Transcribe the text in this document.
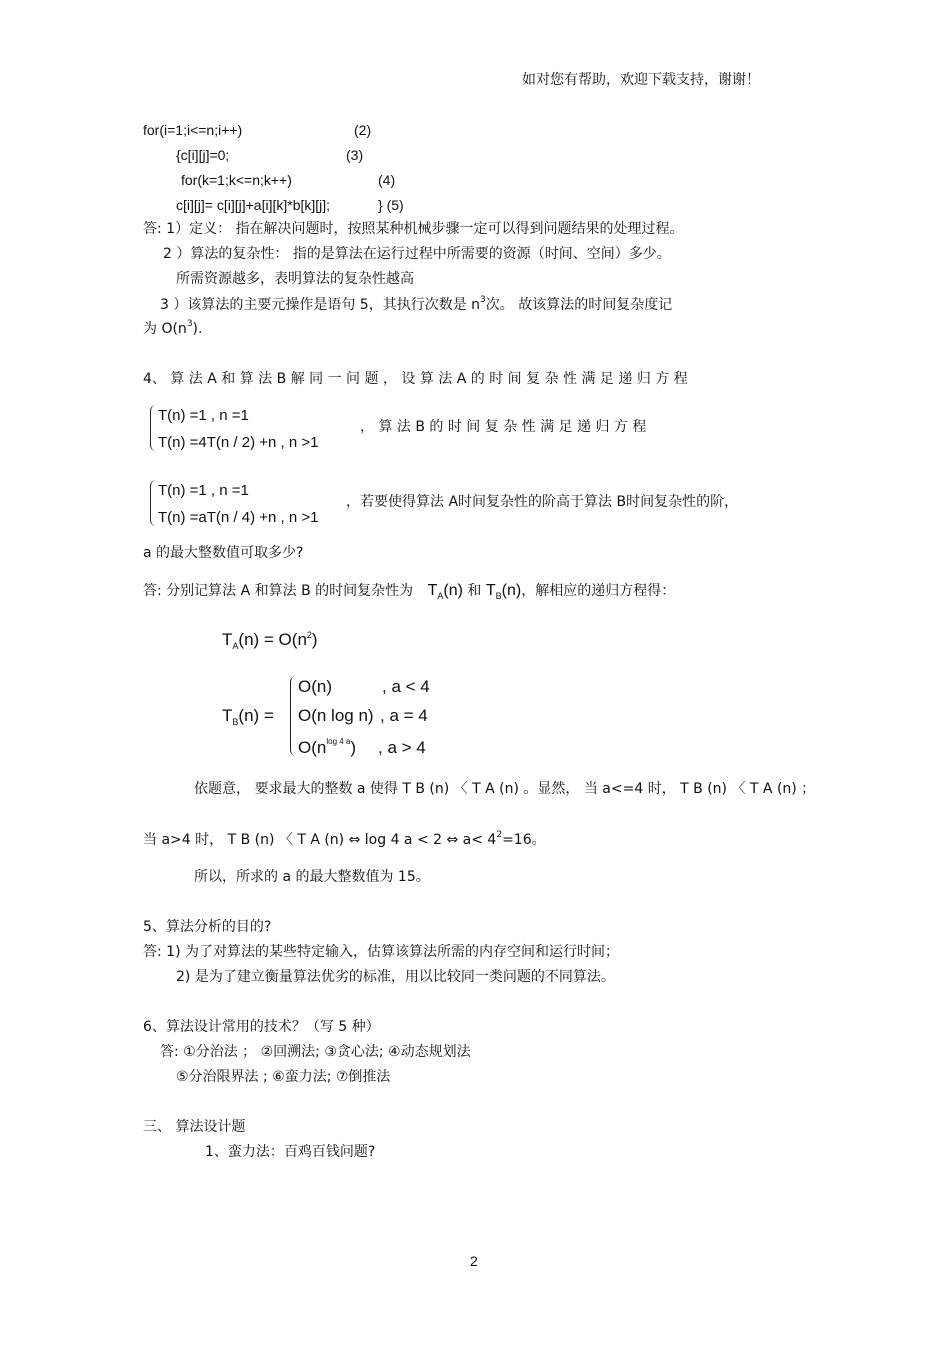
如对您有帮助，欢迎下载支持，谢谢！
for(i=1;i<=n;i++)	(2)
{c[i][j]=0;	(3)
for(k=1;k<=n;k++)	(4)
c[i][j]= c[i][j]+a[i][k]*b[k][j];	} (5)
答: 1）定义： 指在解决问题时，按照某种机械步骤一定可以得到问题结果的处理过程。
2 ）算法的复杂性： 指的是算法在运行过程中所需要的资源（时间、空间）多少。
所需资源越多，表明算法的复杂性越高
3 ）该算法的主要元操作是语句 5，其执行次数是 $n^3$次。 故该算法的时间复杂度记
为 $O(n^3)$.
4、 算 法 A 和 算 法 B 解 同 一 问 题 ， 设 算 法 A 的 时 间 复 杂 性 满 足 递 归 方 程
T(n) =1 , n =1
T(n) =4T(n / 2) +n , n >1
， 算 法 B 的 时 间 复 杂 性 满 足 递 归 方 程
T(n) =1 , n =1
T(n) =aT(n / 4) +n , n >1
，若要使得算法 A时间复杂性的阶高于算法 B时间复杂性的阶，
a 的最大整数值可取多少?
答: 分别记算法 A 和算法 B 的时间复杂性为 $T_A(n)$ 和 $T_B(n)$，解相应的递归方程得：
$T_A(n) = O(n^2)$
$T_B(n)$ =
O(n)	, a < 4
O(n log n) , a = 4
$O(n^{log 4 a})$ , a > 4
依题意， 要求最大的整数 a 使得 T B (n) 〈 T A (n) 。显然， 当 a<=4 时， T B (n) 〈 T A (n) ；
当 a>4 时， T B (n) 〈 T A (n) ⇔ log 4 a < 2 ⇔ $a< 4^2=16$。
所以，所求的 a 的最大整数值为 15。
5、算法分析的目的?
答: 1) 为了对算法的某些特定输入，估算该算法所需的内存空间和运行时间；
2) 是为了建立衡量算法优劣的标准，用以比较同一类问题的不同算法。
6、算法设计常用的技术？（写 5 种）
答: ①分治法 ； ②回溯法; ③贪心法; ④动态规划法
⑤分治限界法 ; ⑥蛮力法; ⑦倒推法
三、 算法设计题
1、蛮力法：百鸡百钱问题?
2
